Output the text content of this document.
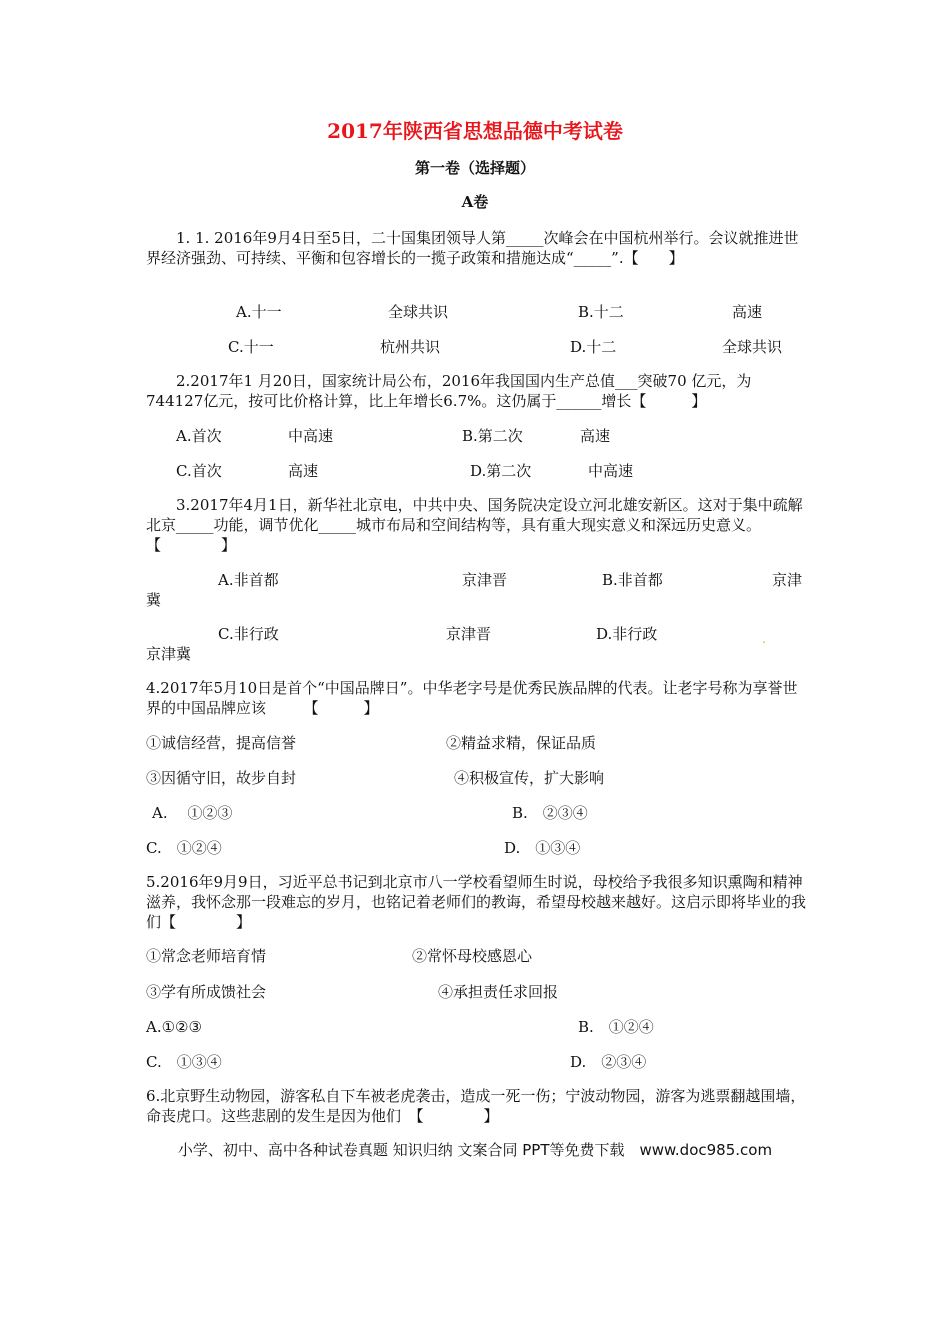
2017年陕西省思想品德中考试卷
第一卷（选择题）
A卷
1. 1. 2016年9月4日至5日，二十国集团领导人第_____次峰会在中国杭州举行。会议就推进世界经济强劲、可持续、平衡和包容增长的一揽子政策和措施达成“_____”.【　　】
A.十一	全球共识	B.十二	高速
C.十一	杭州共识	D.十二	全球共识
2.2017年1 月20日，国家统计局公布，2016年我国国内生产总值___突破70 亿元，为744127亿元，按可比价格计算，比上年增长6.7%。这仍属于______增长【　　　】
A.首次	中高速	B.第二次	高速
C.首次	高速	D.第二次	中高速
3.2017年4月1日，新华社北京电，中共中央、国务院决定设立河北雄安新区。这对于集中疏解北京_____功能，调节优化_____城市布局和空间结构等，具有重大现实意义和深远历史意义。【　　　　】
A.非首都	京津晋	B.非首都	京津
冀
C.非行政	京津晋	D.非行政
京津冀
.
4.2017年5月10日是首个“中国品牌日”。中华老字号是优秀民族品牌的代表。让老字号称为享誉世界的中国品牌应该　　　【　　　】
①诚信经营，提高信誉	②精益求精，保证品质
③因循守旧，故步自封	④积极宣传，扩大影响
A.　 ①②③	B.　②③④
C.　①②④	D.　①③④
5.2016年9月9日，习近平总书记到北京市八一学校看望师生时说，母校给予我很多知识熏陶和精神滋养，我怀念那一段难忘的岁月，也铭记着老师们的教诲，希望母校越来越好。这启示即将毕业的我们【　　　　】
①常念老师培育情	②常怀母校感恩心
③学有所成馈社会	④承担责任求回报
A.①②③	B.　①②④
C.　①③④	D.　②③④
6.北京野生动物园，游客私自下车被老虎袭击，造成一死一伤；宁波动物园，游客为逃票翻越围墙，命丧虎口。这些悲剧的发生是因为他们　【　　　　】
小学、初中、高中各种试卷真题 知识归纳 文案合同 PPT等免费下载　www.doc985.com
